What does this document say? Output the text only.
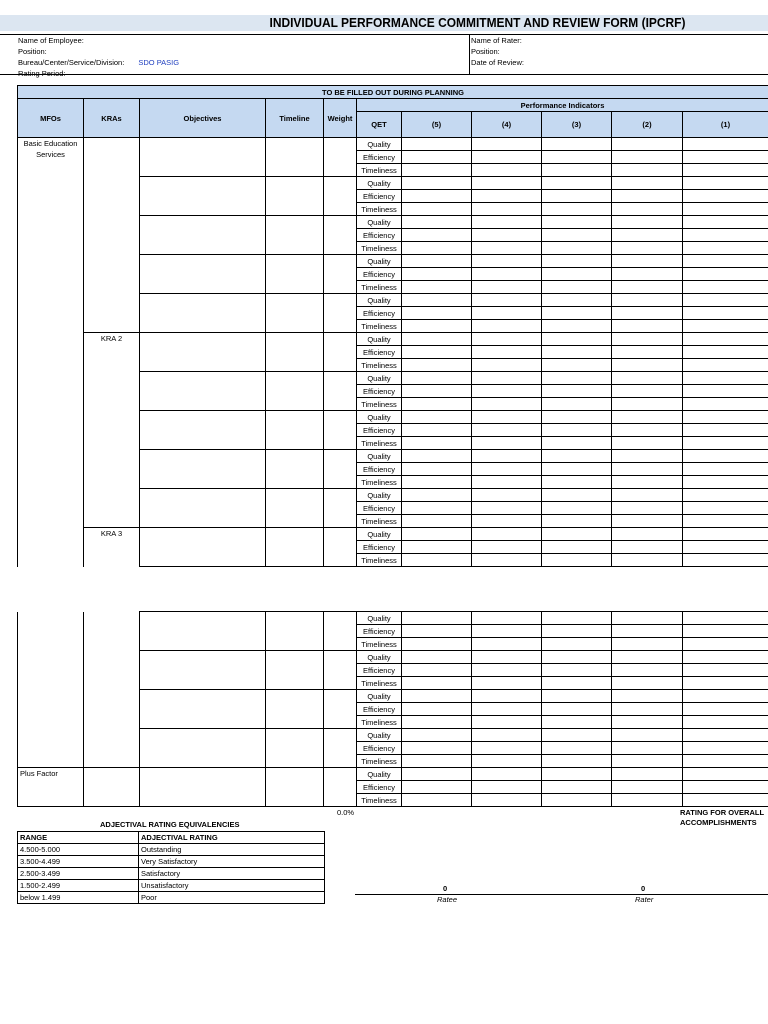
INDIVIDUAL PERFORMANCE COMMITMENT AND REVIEW FORM (IPCRF)
Name of Employee:
Position:
Bureau/Center/Service/Division: SDO PASIG
Rating Period:
Name of Rater:
Position:
Date of Review:
TO BE FILLED OUT DURING PLANNING										
MFOs	KRAs	Objectives	Timeline	Weight	Performance Indicators					
					QET	(5)	(4)	(3)	(2)	(1)
Basic Education Services					Quality					
					Efficiency					
					Timeliness					
					Quality					
					Efficiency					
					Timeliness					
					Quality					
					Efficiency					
					Timeliness					
					Quality					
					Efficiency					
					Timeliness					
					Quality					
					Efficiency					
					Timeliness					
	KRA 2				Quality					
					Efficiency					
					Timeliness					
					Quality					
					Efficiency					
					Timeliness					
					Quality					
					Efficiency					
					Timeliness					
					Quality					
					Efficiency					
					Timeliness					
					Quality					
					Efficiency					
					Timeliness					
	KRA 3				Quality					
					Efficiency					
					Timeliness					
					Quality					
					Efficiency					
					Timeliness					
					Quality					
					Efficiency					
					Timeliness					
					Quality					
					Efficiency					
					Timeliness					
					Quality					
					Efficiency					
					Timeliness					
Plus Factor					Quality					
					Efficiency					
					Timeliness					
0.0%	RATING FOR OVERALL ACCOMPLISHMENTS
ADJECTIVAL RATING EQUIVALENCIES
RANGE	ADJECTIVAL RATING
4.500-5.000	Outstanding
3.500-4.499	Very Satisfactory
2.500-3.499	Satisfactory
1.500-2.499	Unsatisfactory
below 1.499	Poor
0
Ratee
0
Rater
